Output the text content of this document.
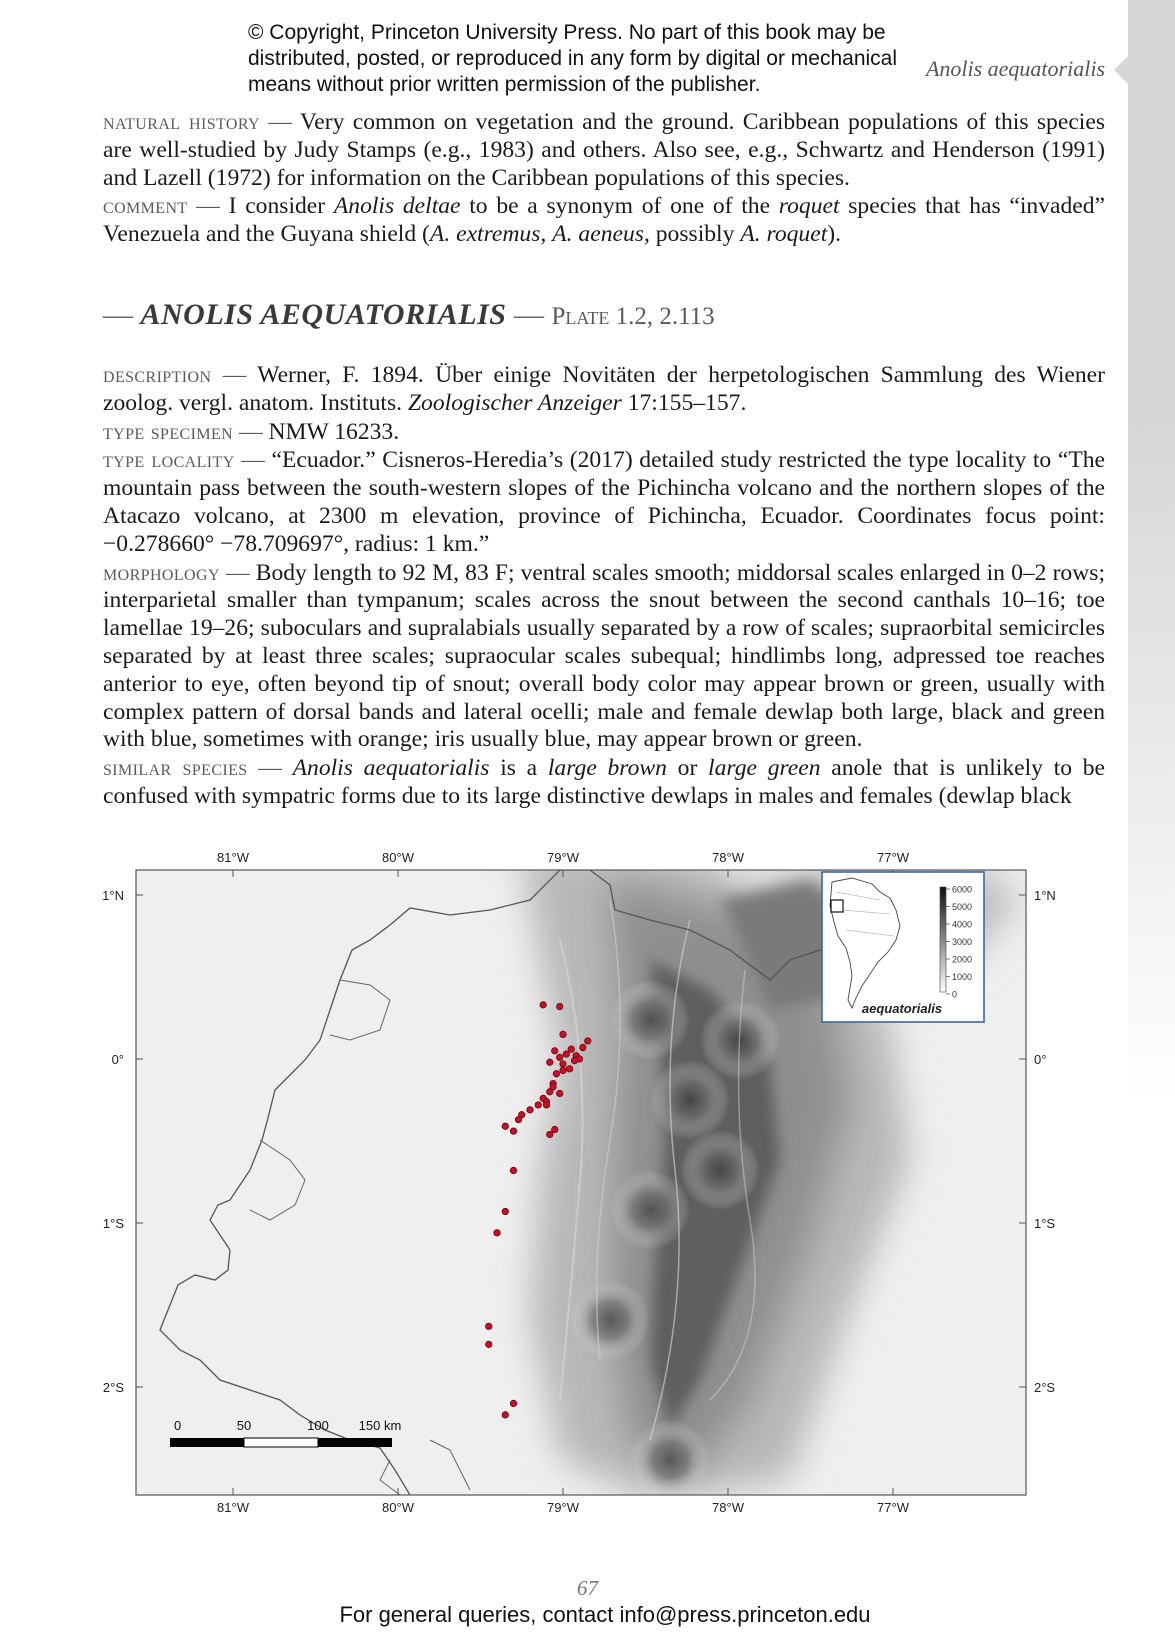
© Copyright, Princeton University Press. No part of this book may be
distributed, posted, or reproduced in any form by digital or mechanical
means without prior written permission of the publisher.
Anolis aequatorialis

natural history — Very common on vegetation and the ground. Caribbean populations of this species are well-studied by Judy Stamps (e.g., 1983) and others. Also see, e.g., Schwartz and Henderson (1991) and Lazell (1972) for information on the Caribbean populations of this species.

comment — I consider Anolis deltae to be a synonym of one of the roquet species that has “invaded” Venezuela and the Guyana shield (A. extremus, A. aeneus, possibly A. roquet).

— ANOLIS AEQUATORIALIS — Plate 1.2, 2.113

description — Werner, F. 1894. Über einige Novitäten der herpetologischen Sammlung des Wiener zoolog. vergl. anatom. Instituts. Zoologischer Anzeiger 17:155–157.

type specimen — NMW 16233.

type locality — “Ecuador.” Cisneros-Heredia’s (2017) detailed study restricted the type locality to “The mountain pass between the south-western slopes of the Pichincha volcano and the northern slopes of the Atacazo volcano, at 2300 m elevation, province of Pichincha, Ecuador. Coordinates focus point: −0.278660° −78.709697°, radius: 1 km.”

morphology — Body length to 92 M, 83 F; ventral scales smooth; middorsal scales enlarged in 0–2 rows; interparietal smaller than tympanum; scales across the snout between the second canthals 10–16; toe lamellae 19–26; suboculars and supralabials usually separated by a row of scales; supraorbital semicircles separated by at least three scales; supraocular scales subequal; hindlimbs long, adpressed toe reaches anterior to eye, often beyond tip of snout; overall body color may appear brown or green, usually with complex pattern of dorsal bands and lateral ocelli; male and female dewlap both large, black and green with blue, sometimes with orange; iris usually blue, may appear brown or green.

similar species — Anolis aequatorialis is a large brown or large green anole that is unlikely to be confused with sympatric forms due to its large distinctive dewlaps in males and females (dewlap black

81°W
81°W
80°W
80°W
79°W
79°W
78°W
78°W
77°W
77°W
1°N	1°N
0°	0°
1°S	1°S
2°S	2°S
6000
5000
4000
3000
2000
1000
0
aequatorialis
0	50	100 150 km
67
For general queries, contact info@press.princeton.edu
